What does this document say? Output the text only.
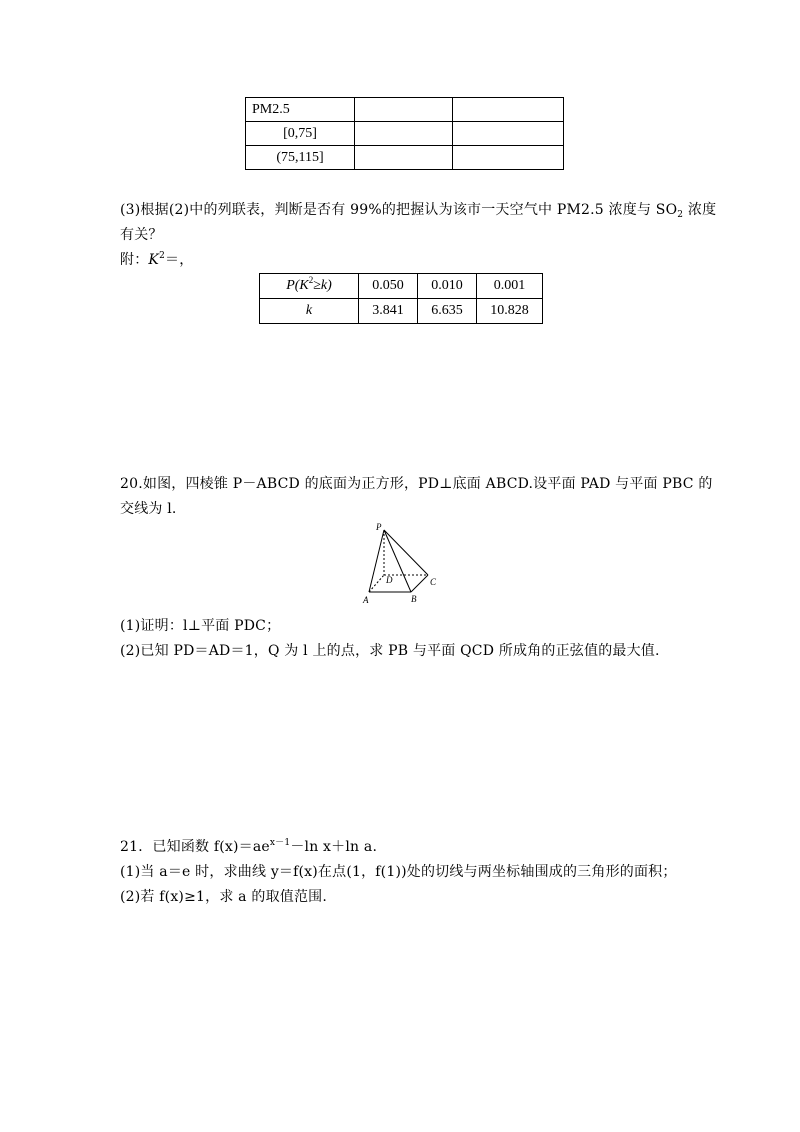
PM2.5		
[0,75]		
(75,115]		
(3)根据(2)中的列联表，判断是否有 99%的把握认为该市一天空气中 PM2.5 浓度与 $SO_2$ 浓度
有关？
附：$K^2=$，
$P(K^2\ge k)$	0.050	0.010	0.001
k	3.841	6.635	10.828
20.如图，四棱锥 P－ABCD 的底面为正方形，PD⊥底面 ABCD.设平面 PAD 与平面 PBC 的
交线为 l.
P
D	C
A	B
(1)证明：l⊥平面 PDC；
(2)已知 PD＝AD＝1，Q 为 l 上的点，求 PB 与平面 QCD 所成角的正弦值的最大值.
21．已知函数 $f(x)=ae^{x-1}-\ln$ x＋ln a.
(1)当 a＝e 时，求曲线 y＝f(x)在点(1，f(1))处的切线与两坐标轴围成的三角形的面积；
(2)若 f(x)≥1，求 a 的取值范围.
